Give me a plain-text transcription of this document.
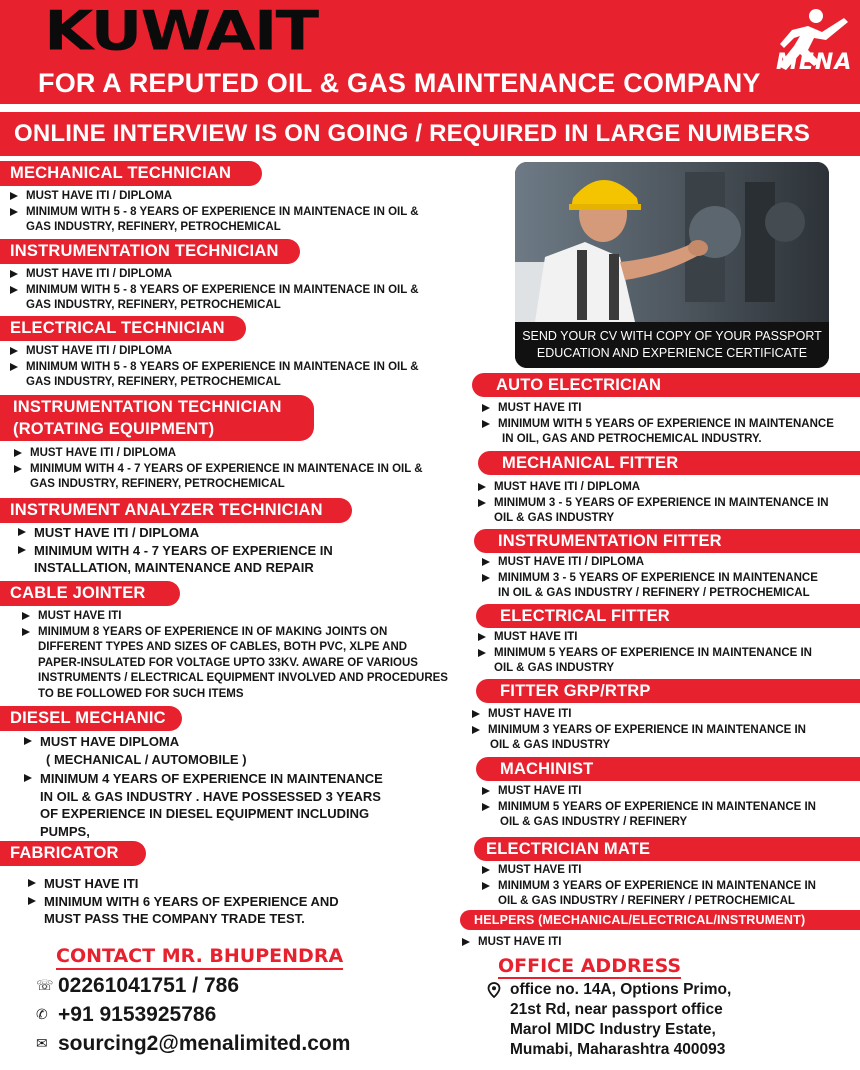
KUWAIT
FOR A REPUTED OIL & GAS MAINTENANCE COMPANY
MENA
ONLINE INTERVIEW IS ON GOING / REQUIRED IN LARGE NUMBERS
MECHANICAL TECHNICIAN
MUST HAVE ITI / DIPLOMA
MINIMUM WITH 5 - 8 YEARS OF EXPERIENCE IN MAINTENACE IN OIL &
GAS INDUSTRY, REFINERY, PETROCHEMICAL
INSTRUMENTATION TECHNICIAN
MUST HAVE ITI / DIPLOMA
MINIMUM WITH 5 - 8 YEARS OF EXPERIENCE IN MAINTENACE IN OIL &
GAS INDUSTRY, REFINERY, PETROCHEMICAL
ELECTRICAL TECHNICIAN
MUST HAVE ITI / DIPLOMA
MINIMUM WITH 5 - 8 YEARS OF EXPERIENCE IN MAINTENACE IN OIL &
GAS INDUSTRY, REFINERY, PETROCHEMICAL
INSTRUMENTATION TECHNICIAN
(ROTATING EQUIPMENT)
MUST HAVE ITI / DIPLOMA
MINIMUM WITH 4 - 7 YEARS OF EXPERIENCE IN MAINTENACE IN OIL &
GAS INDUSTRY, REFINERY, PETROCHEMICAL
INSTRUMENT ANALYZER TECHNICIAN
MUST HAVE ITI / DIPLOMA
MINIMUM WITH 4 - 7 YEARS OF EXPERIENCE IN
INSTALLATION, MAINTENANCE AND REPAIR
CABLE JOINTER
MUST HAVE ITI
MINIMUM 8 YEARS OF EXPERIENCE IN OF MAKING JOINTS ON
DIFFERENT TYPES AND SIZES OF CABLES, BOTH PVC, XLPE AND
PAPER-INSULATED FOR VOLTAGE UPTO 33KV. AWARE OF VARIOUS
INSTRUMENTS / ELECTRICAL EQUIPMENT INVOLVED AND PROCEDURES
TO BE FOLLOWED FOR SUCH ITEMS
DIESEL MECHANIC
MUST HAVE DIPLOMA
( MECHANICAL / AUTOMOBILE )
MINIMUM 4 YEARS OF EXPERIENCE IN MAINTENANCE
IN OIL & GAS INDUSTRY . HAVE POSSESSED 3 YEARS
OF EXPERIENCE IN DIESEL EQUIPMENT INCLUDING
PUMPS,
FABRICATOR
MUST HAVE ITI
MINIMUM WITH 6 YEARS OF EXPERIENCE AND
MUST PASS THE COMPANY TRADE TEST.
CONTACT MR. BHUPENDRA
☏ 02261041751 / 786
✆ +91 9153925786
✉ sourcing2@menalimited.com
SEND YOUR CV WITH COPY OF YOUR PASSPORT
EDUCATION AND EXPERIENCE CERTIFICATE
AUTO ELECTRICIAN
MUST HAVE ITI
MINIMUM WITH 5 YEARS OF EXPERIENCE IN MAINTENANCE
IN OIL, GAS AND PETROCHEMICAL INDUSTRY.
MECHANICAL FITTER
MUST HAVE ITI / DIPLOMA
MINIMUM 3 - 5 YEARS OF EXPERIENCE IN MAINTENANCE IN
OIL & GAS INDUSTRY
INSTRUMENTATION FITTER
MUST HAVE ITI / DIPLOMA
MINIMUM 3 - 5 YEARS OF EXPERIENCE IN MAINTENANCE
IN OIL & GAS INDUSTRY / REFINERY / PETROCHEMICAL
ELECTRICAL FITTER
MUST HAVE ITI
MINIMUM 5 YEARS OF EXPERIENCE IN MAINTENANCE IN
OIL & GAS INDUSTRY
FITTER GRP/RTRP
MUST HAVE ITI
MINIMUM 3 YEARS OF EXPERIENCE IN MAINTENANCE IN
OIL & GAS INDUSTRY
MACHINIST
MUST HAVE ITI
MINIMUM 5 YEARS OF EXPERIENCE IN MAINTENANCE IN
OIL & GAS INDUSTRY / REFINERY
ELECTRICIAN MATE
MUST HAVE ITI
MINIMUM 3 YEARS OF EXPERIENCE IN MAINTENANCE IN
OIL & GAS INDUSTRY / REFINERY / PETROCHEMICAL
HELPERS (MECHANICAL/ELECTRICAL/INSTRUMENT)
MUST HAVE ITI
OFFICE ADDRESS
office no. 14A, Options Primo,
21st Rd, near passport office
Marol MIDC Industry Estate,
Mumabi, Maharashtra 400093
